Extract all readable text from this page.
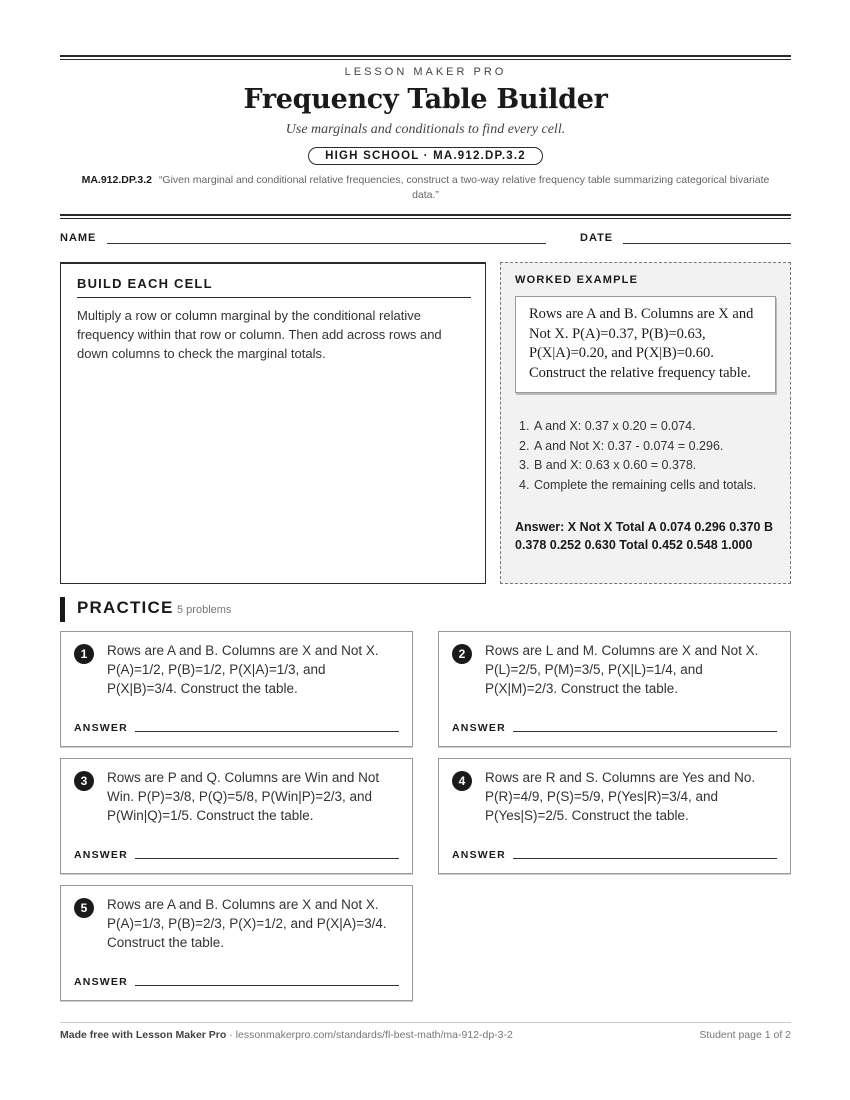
LESSON MAKER PRO
Frequency Table Builder
Use marginals and conditionals to find every cell.
HIGH SCHOOL · MA.912.DP.3.2
MA.912.DP.3.2 “Given marginal and conditional relative frequencies, construct a two-way relative frequency table summarizing categorical bivariate data.”
NAME	DATE
BUILD EACH CELL
Multiply a row or column marginal by the conditional relative frequency within that row or column. Then add across rows and down columns to check the marginal totals.
WORKED EXAMPLE
Rows are A and B. Columns are X and Not X. P(A)=0.37, P(B)=0.63, P(X|A)=0.20, and P(X|B)=0.60. Construct the relative frequency table.
1. A and X: 0.37 x 0.20 = 0.074.
2. A and Not X: 0.37 - 0.074 = 0.296.
3. B and X: 0.63 x 0.60 = 0.378.
4. Complete the remaining cells and totals.
Answer: X Not X Total A 0.074 0.296 0.370 B 0.378 0.252 0.630 Total 0.452 0.548 1.000
PRACTICE 5 problems
1	Rows are A and B. Columns are X and Not X. P(A)=1/2, P(B)=1/2, P(X|A)=1/3, and P(X|B)=3/4. Construct the table.
ANSWER
2	Rows are L and M. Columns are X and Not X. P(L)=2/5, P(M)=3/5, P(X|L)=1/4, and P(X|M)=2/3. Construct the table.
ANSWER
3	Rows are P and Q. Columns are Win and Not Win. P(P)=3/8, P(Q)=5/8, P(Win|P)=2/3, and P(Win|Q)=1/5. Construct the table.
ANSWER
4	Rows are R and S. Columns are Yes and No. P(R)=4/9, P(S)=5/9, P(Yes|R)=3/4, and P(Yes|S)=2/5. Construct the table.
ANSWER
5	Rows are A and B. Columns are X and Not X. P(A)=1/3, P(B)=2/3, P(X)=1/2, and P(X|A)=3/4. Construct the table.
ANSWER
Made free with Lesson Maker Pro · lessonmakerpro.com/standards/fl-best-math/ma-912-dp-3-2	Student page 1 of 2
